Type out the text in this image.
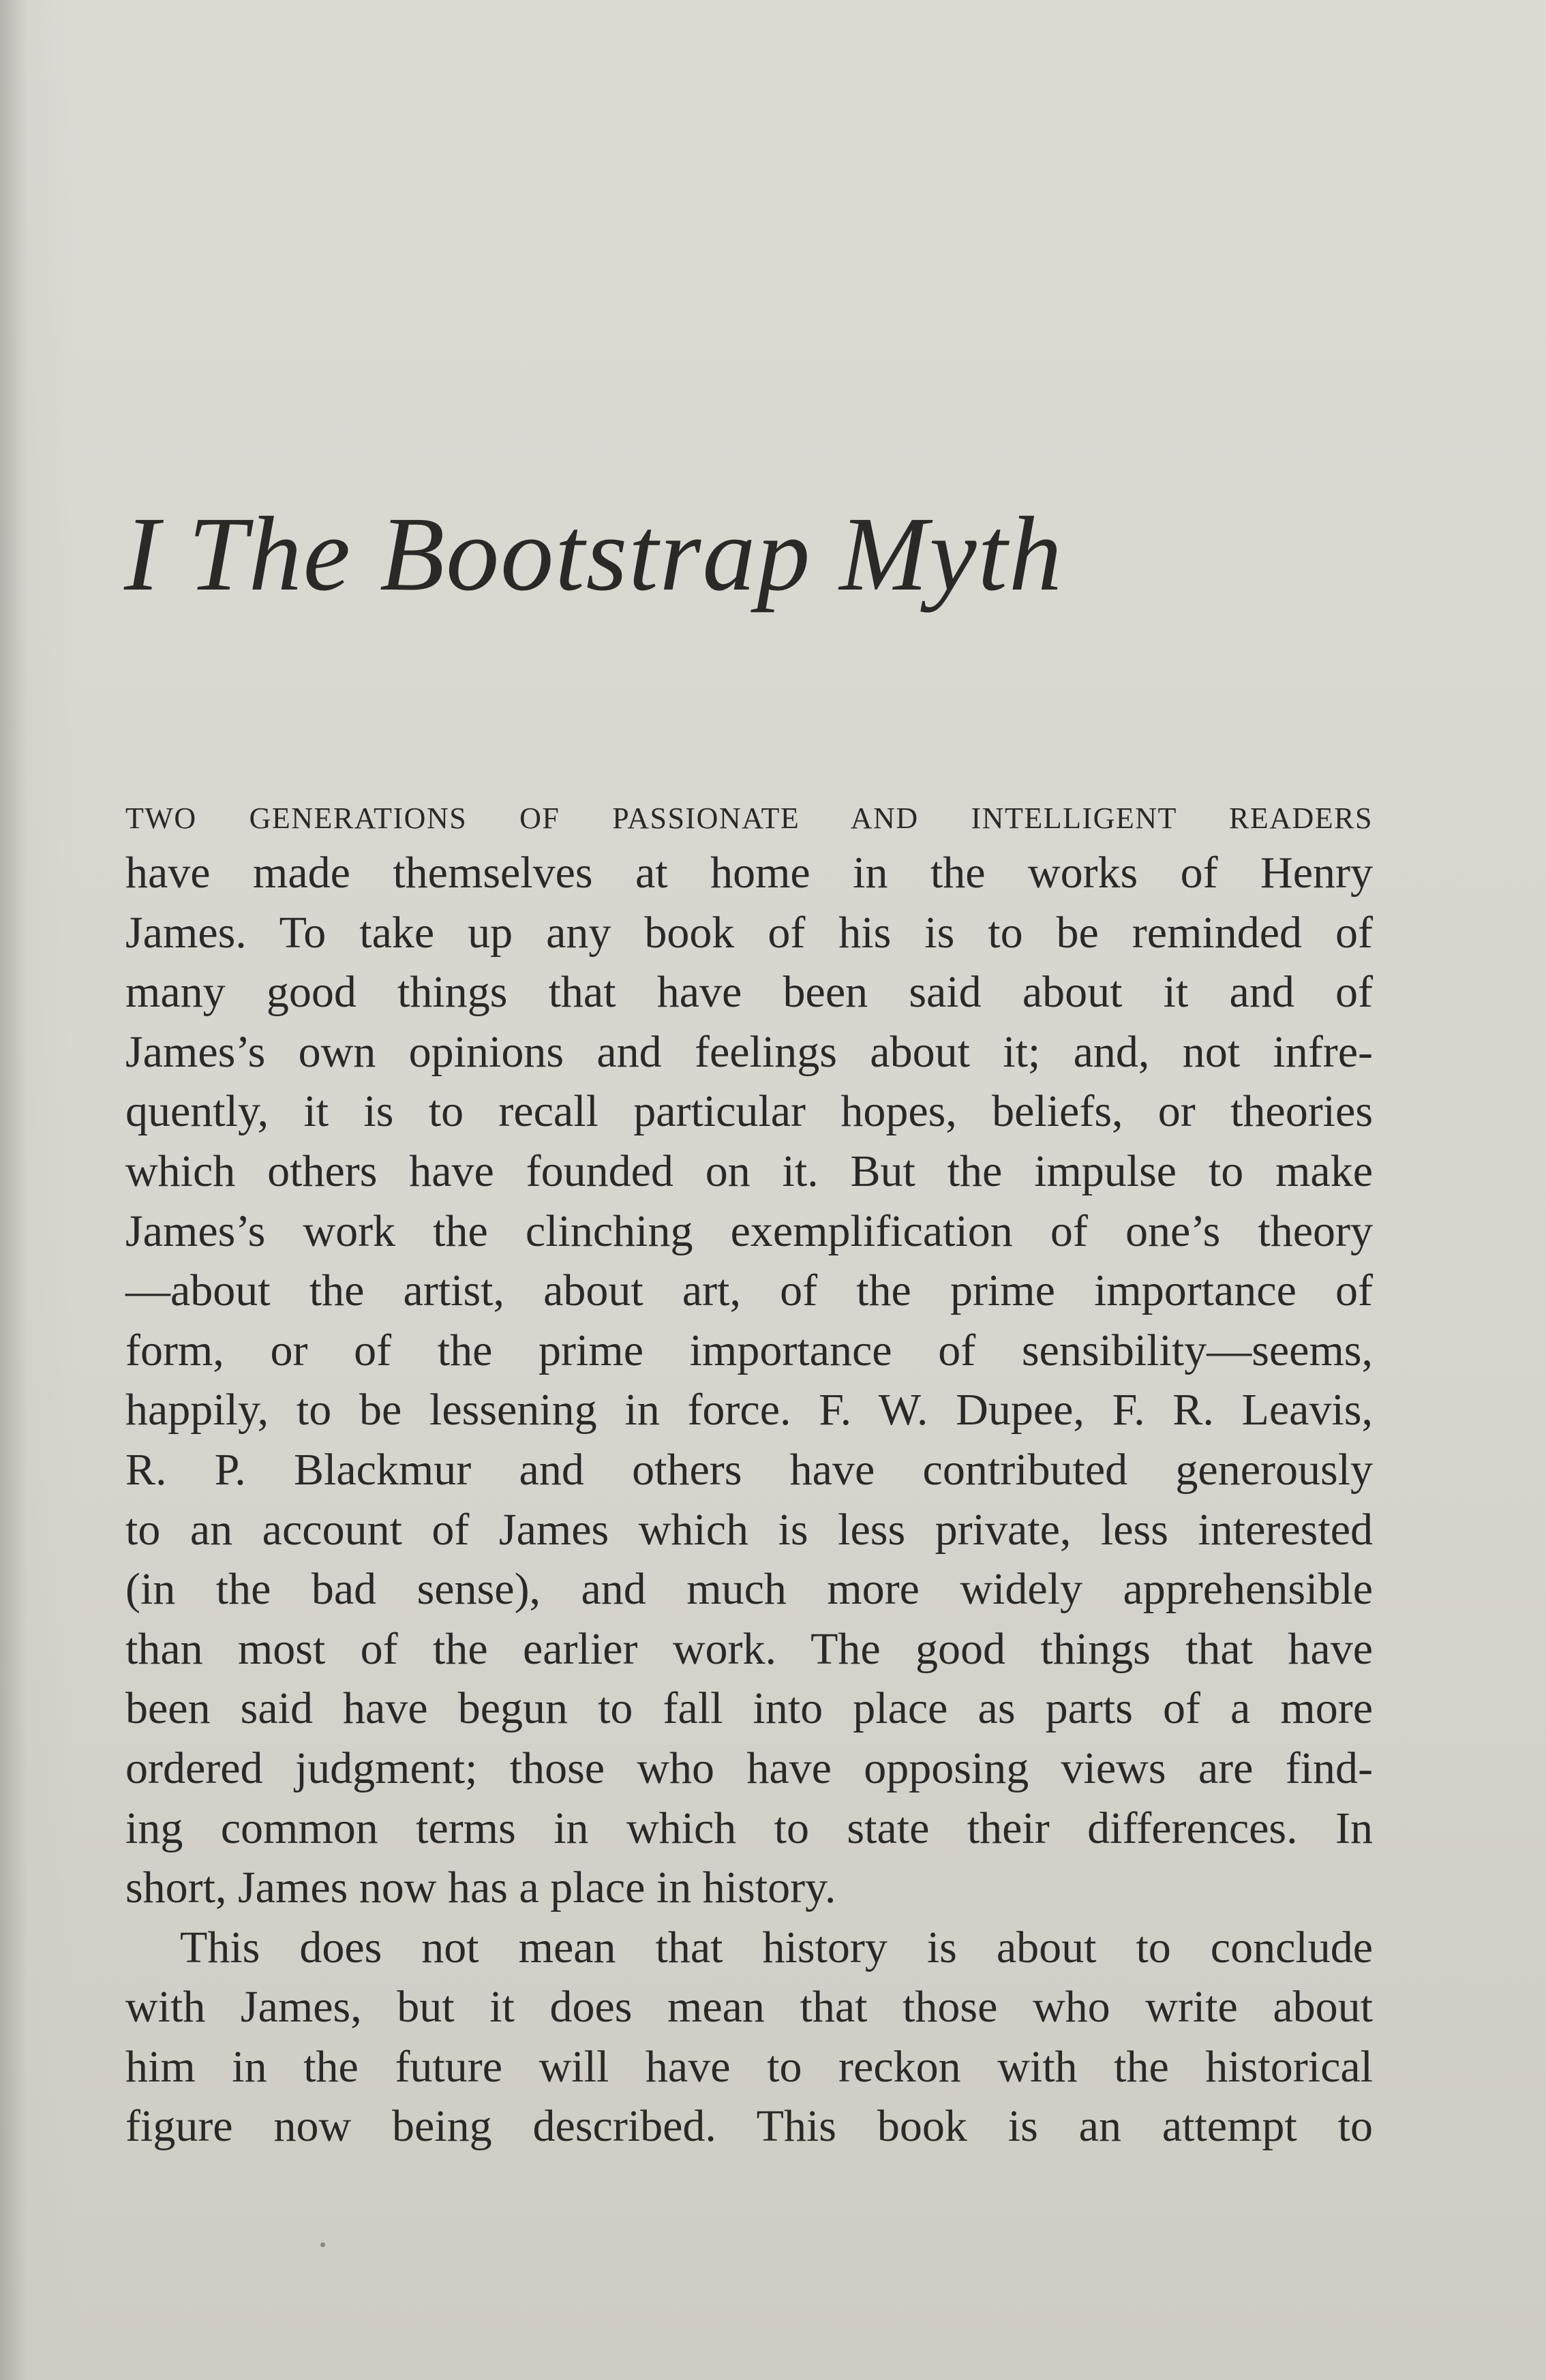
I The Bootstrap Myth
TWO GENERATIONS OF PASSIONATE AND INTELLIGENT READERS
have made themselves at home in the works of Henry
James. To take up any book of his is to be reminded of
many good things that have been said about it and of
James’s own opinions and feelings about it; and, not infre-
quently, it is to recall particular hopes, beliefs, or theories
which others have founded on it. But the impulse to make
James’s work the clinching exemplification of one’s theory
—about the artist, about art, of the prime importance of
form, or of the prime importance of sensibility—seems,
happily, to be lessening in force. F. W. Dupee, F. R. Leavis,
R. P. Blackmur and others have contributed generously
to an account of James which is less private, less interested
(in the bad sense), and much more widely apprehensible
than most of the earlier work. The good things that have
been said have begun to fall into place as parts of a more
ordered judgment; those who have opposing views are find-
ing common terms in which to state their differences. In
short, James now has a place in history.
This does not mean that history is about to conclude
with James, but it does mean that those who write about
him in the future will have to reckon with the historical
figure now being described. This book is an attempt to
